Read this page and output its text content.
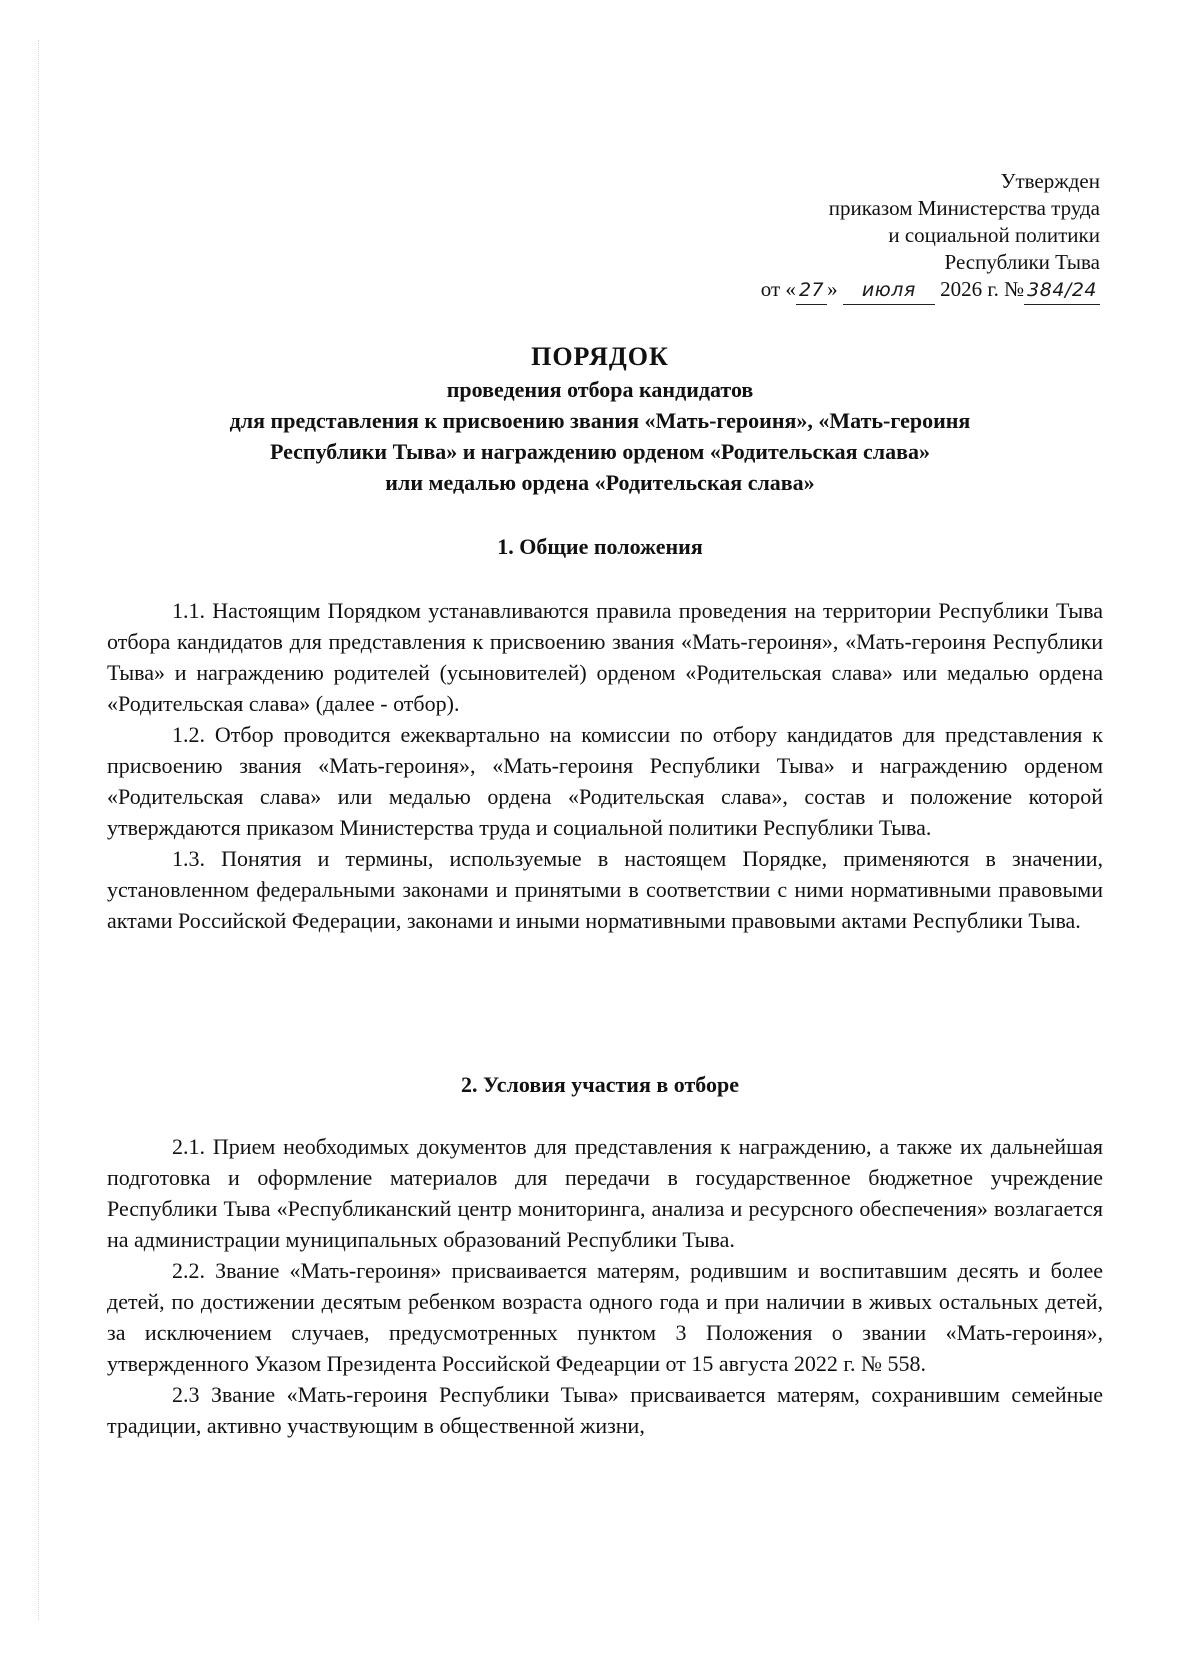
Утвержден
приказом Министерства труда
и социальной политики
Республики Тыва
от « 27 » июля 2026 г. № 384/24
ПОРЯДОК
проведения отбора кандидатов
для представления к присвоению звания «Мать-героиня», «Мать-героиня
Республики Тыва» и награждению орденом «Родительская слава»
или медалью ордена «Родительская слава»
1. Общие положения

1.1. Настоящим Порядком устанавливаются правила проведения на территории Республики Тыва отбора кандидатов для представления к присвоению звания «Мать-героиня», «Мать-героиня Республики Тыва» и награждению родителей (усыновителей) орденом «Родительская слава» или медалью ордена «Родительская слава» (далее - отбор).

1.2. Отбор проводится ежеквартально на комиссии по отбору кандидатов для представления к присвоению звания «Мать-героиня», «Мать-героиня Республики Тыва» и награждению орденом «Родительская слава» или медалью ордена «Родительская слава», состав и положение которой утверждаются приказом Министерства труда и социальной политики Республики Тыва.

1.3. Понятия и термины, используемые в настоящем Порядке, применяются в значении, установленном федеральными законами и принятыми в соответствии с ними нормативными правовыми актами Российской Федерации, законами и иными нормативными правовыми актами Республики Тыва.

2. Условия участия в отборе

2.1. Прием необходимых документов для представления к награждению, а также их дальнейшая подготовка и оформление материалов для передачи в государственное бюджетное учреждение Республики Тыва «Республиканский центр мониторинга, анализа и ресурсного обеспечения» возлагается на администрации муниципальных образований Республики Тыва.

2.2. Звание «Мать-героиня» присваивается матерям, родившим и воспитавшим десять и более детей, по достижении десятым ребенком возраста одного года и при наличии в живых остальных детей, за исключением случаев, предусмотренных пунктом 3 Положения о звании «Мать-героиня», утвержденного Указом Президента Российской Федеарции от 15 августа 2022 г. № 558.

2.3 Звание «Мать-героиня Республики Тыва» присваивается матерям, сохранившим семейные традиции, активно участвующим в общественной жизни,
